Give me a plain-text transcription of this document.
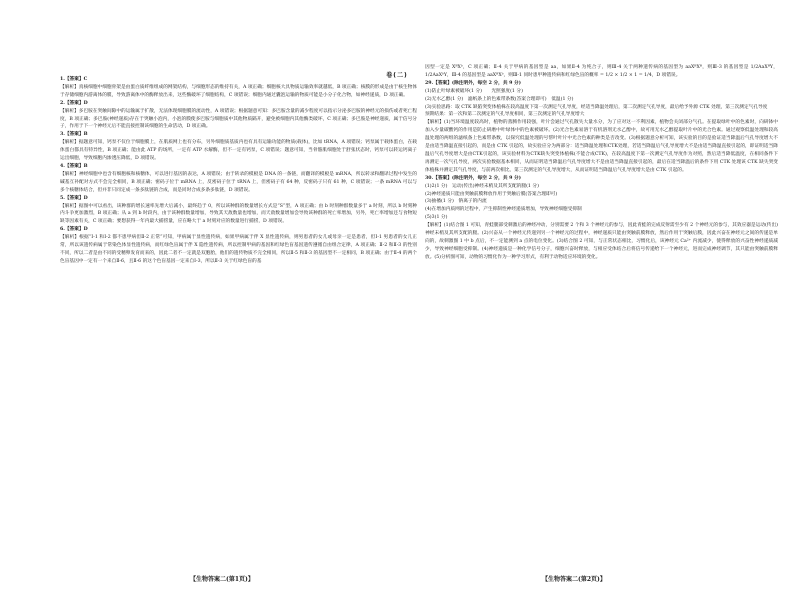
卷(二)

1.【答案】C

【解析】真核细胞中细胞骨架是由蛋白质纤维组成的网架结构，与细胞形态的维持有关，A 项正确；细胞核大具物质运输效率就越低，B 项正确；核膜的形成是由于核生物体于存储细胞内游离体的膜，导致游离体中的酶释放出来，这些酶破坏了细胞结构，C 项错误；细胞内通过囊泡运输的物质可能是小分子化合物，如神经递质，D 项正确。

2.【答案】D

【解析】多巴胺在突触间隙中的运输属于扩散，无法体现细胞膜的流动性，A 项错误；根据题意可知：多巴胺含量的减少程度可以指示分泌多巴胺的神经元的损伤或者死亡程度，B 项正确；多巴胺(神经递质)存在于突触小泡内，小泡的膜使多巴胺与细胞质中其他物质隔开，避免被细胞内其他酶类破坏，C 项正确；多巴胺是神经递质，属于信号分子，作用于下一个神经元后不能直接控制该细胞的生命活动，D 项正确。

3.【答案】B

【解析】据题意可知，钙泵不仅位于细胞膜上，在肌质网上也有分布，另外细胞质基质内也有具有运输功能的物质(载体)，比如 tRNA，A 项错误；钙泵属于载体蛋白，在载体蛋白都具有特异性，B 项正确；能由此 ATP 的场所，一定有 ATP 水解酶，但不一定有钙泵，C 项错误；题意可知，当骨骼肌细胞处于舒张状态时，钙泵可以转运钙离子运出细胞，导致细胞内渗透压降低，D 项错误。

4.【答案】B

【解析】神经细胞中也含有细胞核和核糖体，可以进行基因的表达，A 项错误；由于转录的模板是 DNA 的一条链，而翻译的模板是 mRNA，所以转录和翻译过程中发生的碱基互补配对方式不会完全相同，B 项正确；密码子位于 mRNA 上，反密码子位于 tRNA 上，但密码子有 64 种，反密码子只有 61 种，C 项错误；一条 mRNA 可以与多个核糖体结合，但并非只同定成一条多肽链的合成，而是同时合成多条多肽链，D 项错误。

5.【答案】D

【解析】据图中可以看出，该种群的增长速率先增大后减小，最终趋于 0，所以该种群的数量增长方式是“S”型，A 项正确；由 b 时刻种群数量多于 a 时刻，所以 b 时刻种内斗争更加激烈，B 项正确；从 a 到 b 时段内，由于该种群数量增加，导致其天敌数量也增加，而天敌数量增加会导致该种群的死亡率增加，另外，死亡率增加还与食物短缺等因素有关，C 项正确；要想获得一年内最大捕捞量，应在略大于 a 时刻对应的数量进行捕捞，D 项错误。

6.【答案】D

【解析】根据“Ⅰ-1 和Ⅰ-2 都不患甲病但Ⅱ-2 正常”可知，甲病属于显性遗传病，如果甲病属于伴 X 显性遗传病，则男患者的女儿或母亲一定是患者，但Ⅰ-1 男患者的女儿正常，所以该遗传病属于常染色体显性遗传病，而红绿色盲属于伴 X 隐性遗传病，所以控制甲病的基因和红绿色盲基因遗传遵循自由组合定律，A 项正确；Ⅱ-2 和Ⅱ-3 的性别不同，所以二者是由不同的受精卵发育而来的，因此二者不一定就是双胞胎，他们的遗传物质不完全相同，所以Ⅱ-5 和Ⅱ-3 的基因型不一定相同，B 项正确；由于Ⅱ-4 的两个色盲基因中一定有一个来自Ⅱ-6，且Ⅱ-6 的这个色盲基因一定来自Ⅰ-3，所以Ⅱ-3 关于红绿色盲的基

因型一定是 XᴮXᵇ，C 项正确；Ⅱ-4 关于甲病的基因型是 aa，如果Ⅱ-4 为纯合子，则Ⅲ-4 关于两种遗传病的基因型为 aaXᴮXᴮ，则Ⅲ-3 的基因型是 1/2AaXᴮY，1/2AaXᵇY，Ⅲ-4 的基因型是 aaXᴮXᵇ，则Ⅲ-1 同时患甲种遗传病和红绿色盲的概率 = 1/2 × 1/2 × 1 = 1/4，D 项错误。

29.【答案】(除注明外，每空 2 分，共 9 分)

(1)防止叶绿素被破坏(1 分)　　光照强度(1 分)

(2)无水乙醇(1 分)　滤纸条上的色素带条数(答案合理即可)　低温(1 分)

(3)实验思路：取 CTK 缺陷突变体植株在较高温度下第一次测定气孔导度，经适当降温处理后，第二次测定气孔导度，最后给予外源 CTK 处理，第三次测定气孔导度

预期结果：第一次和第二次测定的气孔导度相同，第三次测定的气孔导度增大

【解析】(1)当环境温度较高时，植物的蒸腾作用较强，叶片会通过气孔散失大量水分，为了应对这一不利因素，植物会关闭部分气孔。在提取绿叶中的色素时，向研钵中加入少量碳酸钙的作用是防止研磨中叶绿体中的色素被破坏。(2)光合色素易溶于有机溶剂无水乙醇中，故可用无水乙醇提取叶片中的光合色素。通过观察低温处理和较高温处理的两组的滤纸条上色素带条数，以探究低温处理的号帮叶叶片中光合色素的种类是否改变。(3)根据题意分析可知，该实验的目的是验证适当降温后气孔导度增大不是由适当降温直接引起的，而是由 CTK 引起的，故实验应分为两部分：适当降温处理和CTK处理，若适当降温后气孔导度增大不是由适当降温直接引起的，即证明适当降温后气孔导度增大是由CTK引起的，该实验材料为CTK缺失突变体植株(不能合成CTK)，在较高温度下第一次测定气孔导度作为对照，然后适当降低温度，在相同条件下再测定一次气孔导度，两次实验数据基本相同，从而证明适当降温后气孔导度增大不是由适当降温直接引起的，最后在适当降温后的条件下用 CTK 处理该 CTK 缺失突变体植株并测定其气孔导度，与前两次相比，第三次测定的气孔导度增大，从而证明适当降温后气孔导度增大是由 CTK 引起的。

30.【答案】(除注明外，每空 2 分，共 9 分)

(1)2(1 分)　运动(传出)神经末梢及其所支配的腿(1 分)

(2)神经递质只能由突触前膜释放作用于突触后膜(答案合理即可)

(3)抽搐(1 分)　钠离子的内流

(4)在增加内质网的过程中，产生抑制性神经递质增加，导致神经细胞受抑制

(5)3(1 分)

【解析】(1)结合图 1 可知，青蛙腿部受刺激后的神经冲动，分别需要 2 个和 3 个神经元的参与，因此青蛙的完成反射需至少有 2 个神经元的参与，其效应器是运动(传出)神经末梢及其所支配的腿。(2)兴奋从一个神经元传递到另一个神经元的过程中，神经递质只能由突触前膜释放，然后作用于突触后膜，因此兴奋在神经元之间的传递是单向的，故刺激图 1 中 b 点后，不一定能测到 a 点的电位变化。(3)结合图 2 可知，与正常状态相比，习惯化后，该神经元 Ca²⁺ 内流减少，使得释放的兴奋性神经递质减少，导致神经细胞受抑制。(4)神经递质是一种化学信号分子，细胞兴奋时释放，与相应受体结合后将信号传递给下一个神经元，进而完成神经调节，其只能由突触前膜释放。(5)分析图可知，动物的习惯化作为一种学习形式，有利于动物适应环境的变化。

【生物答案二(第1页)】	【生物答案二(第2页)】
